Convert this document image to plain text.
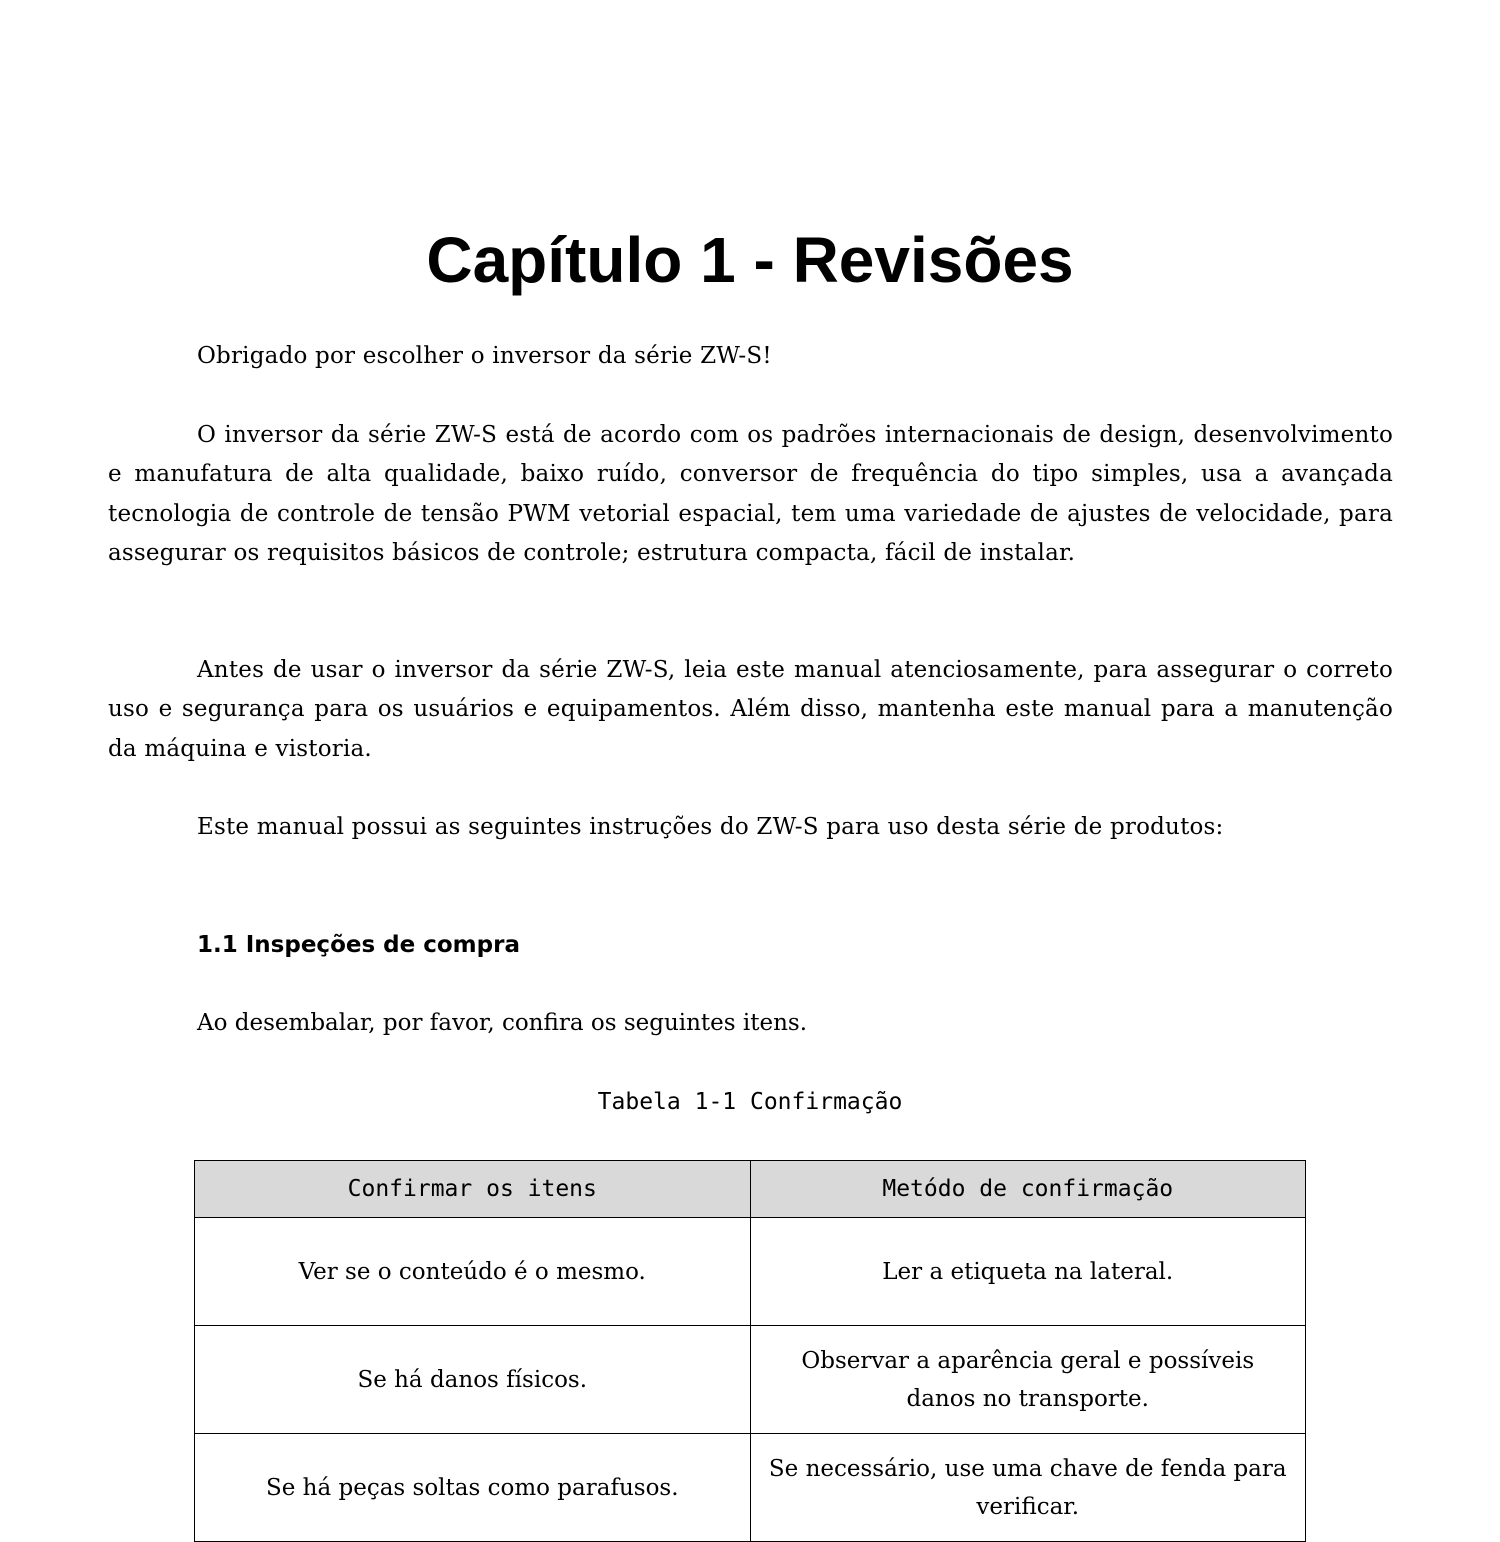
Capítulo 1 - Revisões

Obrigado por escolher o inversor da série ZW-S!

O inversor da série ZW-S está de acordo com os padrões internacionais de design, desenvolvimento e manufatura de alta qualidade, baixo ruído, conversor de frequência do tipo simples, usa a avançada tecnologia de controle de tensão PWM vetorial espacial, tem uma variedade de ajustes de velocidade, para assegurar os requisitos básicos de controle; estrutura compacta, fácil de instalar.

Antes de usar o inversor da série ZW-S, leia este manual atenciosamente, para assegurar o correto uso e segurança para os usuários e equipamentos. Além disso, mantenha este manual para a manutenção da máquina e vistoria.

Este manual possui as seguintes instruções do ZW-S para uso desta série de produtos:

1.1 Inspeções de compra

Ao desembalar, por favor, confira os seguintes itens.

Tabela 1-1 Confirmação
Confirmar os itens	Metódo de confirmação
Ver se o conteúdo é o mesmo.	Ler a etiqueta na lateral.
Se há danos físicos.	Observar a aparência geral e possíveis danos no transporte.
Se há peças soltas como parafusos.	Se necessário, use uma chave de fenda para verificar.
